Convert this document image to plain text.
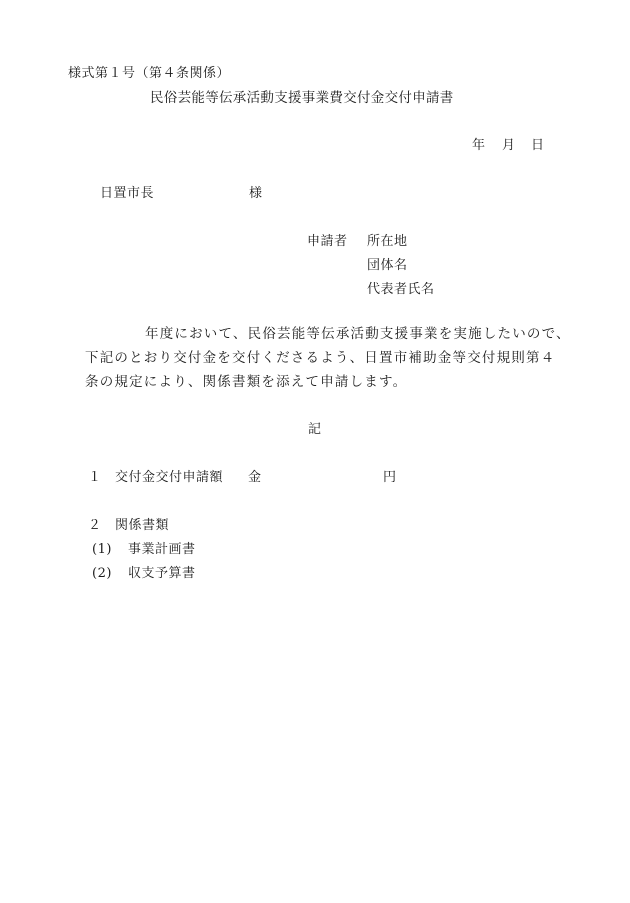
様式第１号（第４条関係）
民俗芸能等伝承活動支援事業費交付金交付申請書
年 月 日
日置市長	様
申請者 所在地
団体名
代表者氏名
年度において、民俗芸能等伝承活動支援事業を実施したいので、
下記のとおり交付金を交付くださるよう、日置市補助金等交付規則第４
条の規定により、関係書類を添えて申請します。
記
１ 交付金交付申請額 金	円
２ 関係書類
(1) 事業計画書
(2) 収支予算書
